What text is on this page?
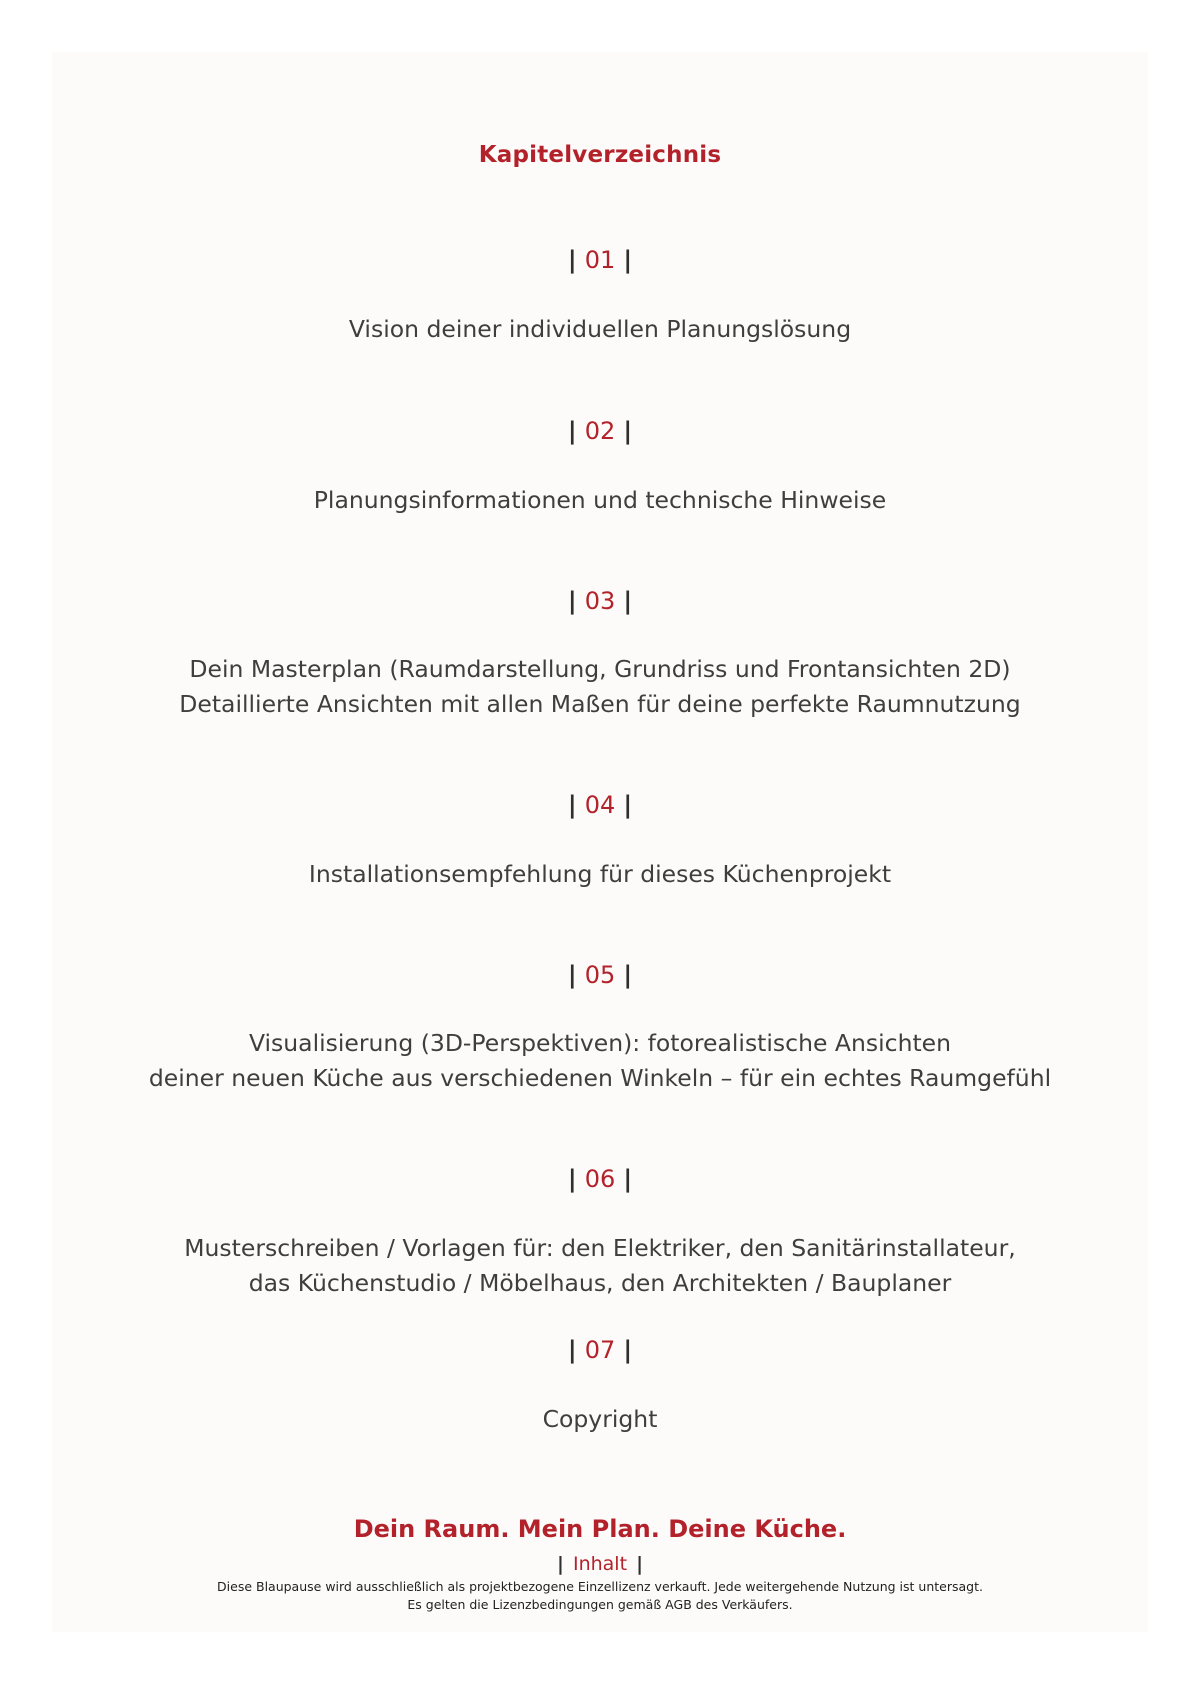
Kapitelverzeichnis
| 01 |
Vision deiner individuellen Planungslösung
| 02 |
Planungsinformationen und technische Hinweise
| 03 |
Dein Masterplan (Raumdarstellung, Grundriss und Frontansichten 2D)
Detaillierte Ansichten mit allen Maßen für deine perfekte Raumnutzung
| 04 |
Installationsempfehlung für dieses Küchenprojekt
| 05 |
Visualisierung (3D-Perspektiven): fotorealistische Ansichten
deiner neuen Küche aus verschiedenen Winkeln – für ein echtes Raumgefühl
| 06 |
Musterschreiben / Vorlagen für: den Elektriker, den Sanitärinstallateur,
das Küchenstudio / Möbelhaus, den Architekten / Bauplaner
| 07 |
Copyright
Dein Raum. Mein Plan. Deine Küche.
| Inhalt |
Diese Blaupause wird ausschließlich als projektbezogene Einzellizenz verkauft. Jede weitergehende Nutzung ist untersagt.
Es gelten die Lizenzbedingungen gemäß AGB des Verkäufers.
